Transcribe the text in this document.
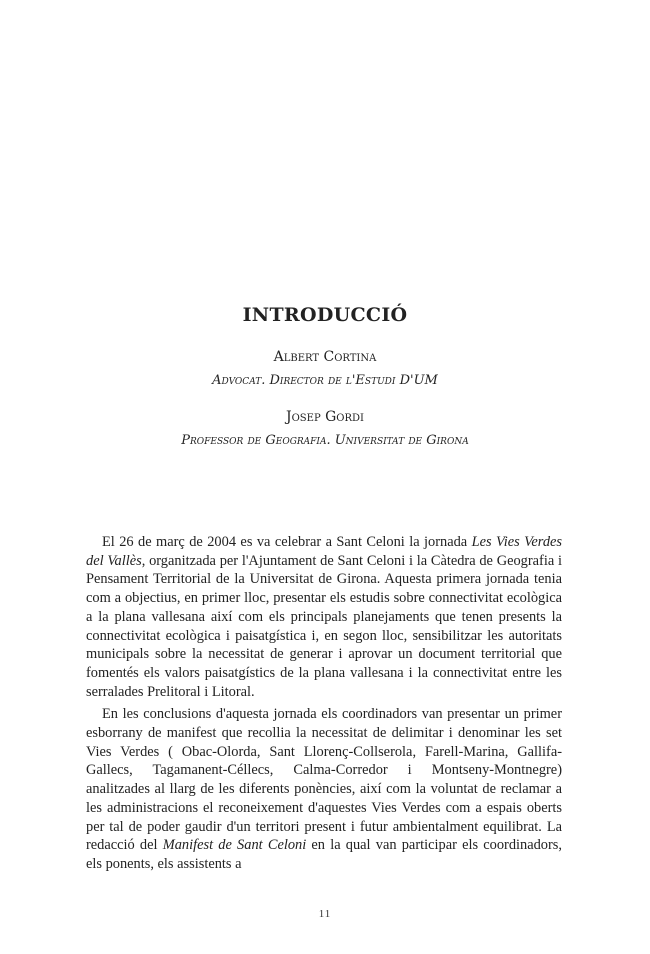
INTRODUCCIÓ
Albert Cortina
Advocat. Director de l'Estudi D'UM
Josep Gordi
Professor de Geografia. Universitat de Girona

El 26 de març de 2004 es va celebrar a Sant Celoni la jornada Les Vies Verdes del Vallès, organitzada per l'Ajuntament de Sant Celoni i la Càtedra de Geografia i Pensament Territorial de la Universitat de Girona. Aquesta primera jornada tenia com a objectius, en primer lloc, presentar els estudis sobre connectivitat ecològica a la plana vallesana així com els principals planejaments que tenen presents la connectivitat ecològica i paisatgística i, en segon lloc, sensibilitzar les autoritats municipals sobre la necessitat de generar i aprovar un document territorial que fomentés els valors paisatgístics de la plana vallesana i la connectivitat entre les serralades Prelitoral i Litoral.

En les conclusions d'aquesta jornada els coordinadors van presentar un primer esborrany de manifest que recollia la necessitat de delimitar i denominar les set Vies Verdes ( Obac-Olorda, Sant Llorenç-Collserola, Farell-Marina, Gallifa-Gallecs, Tagamanent-Céllecs, Calma-Corredor i Montseny-Montnegre) analitzades al llarg de les diferents ponències, així com la voluntat de reclamar a les administracions el reconeixement d'aquestes Vies Verdes com a espais oberts per tal de poder gaudir d'un territori present i futur ambientalment equilibrat. La redacció del Manifest de Sant Celoni en la qual van participar els coordinadors, els ponents, els assistents a

11
